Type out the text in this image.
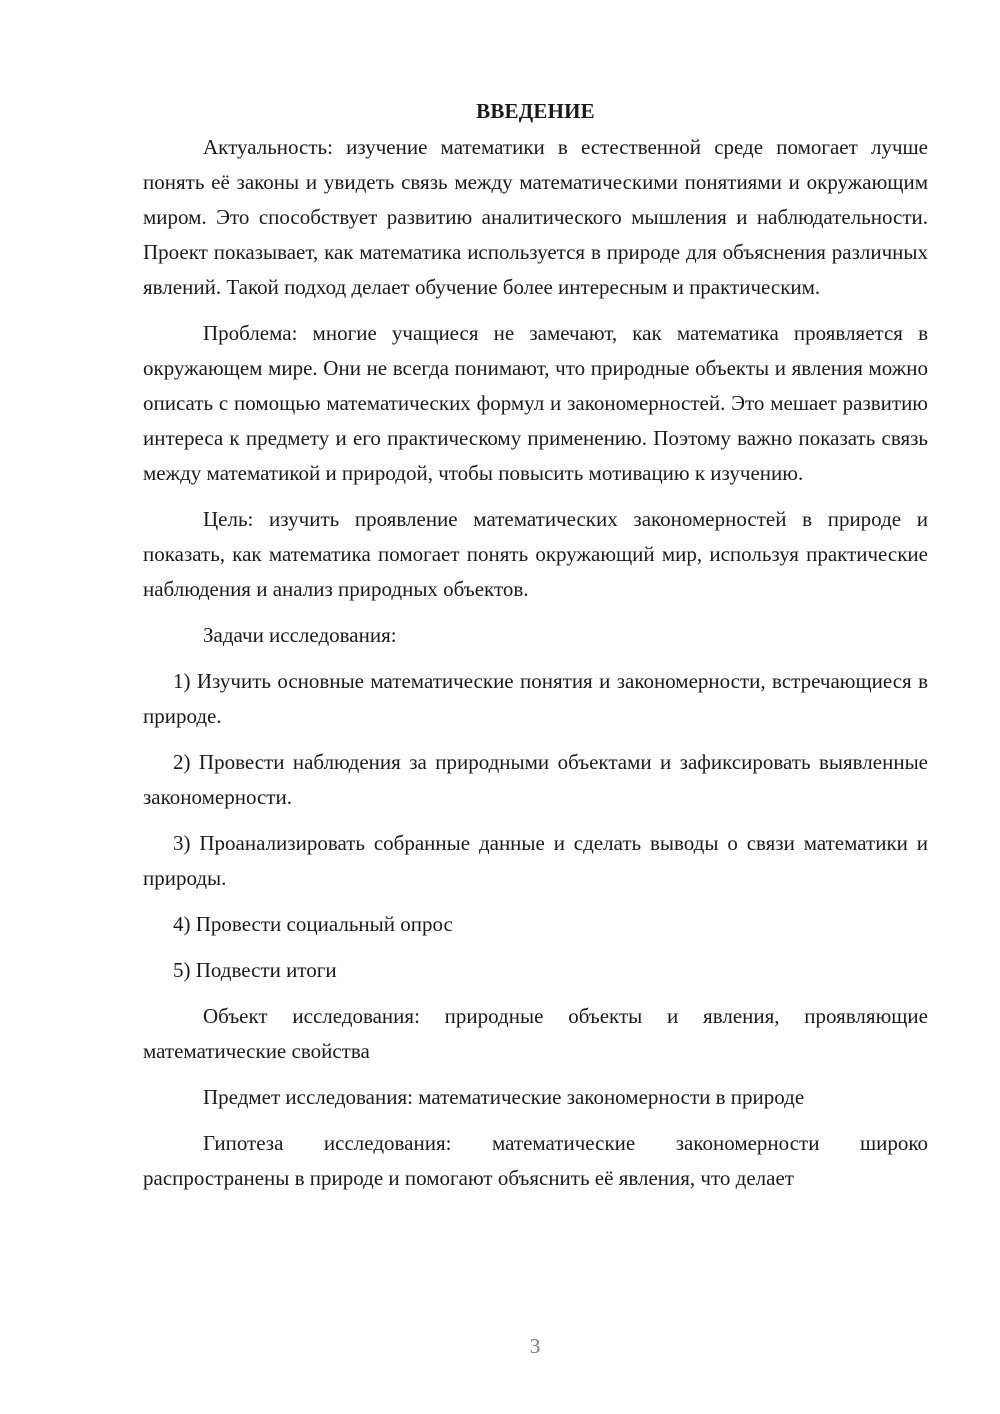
ВВЕДЕНИЕ

Актуальность: изучение математики в естественной среде помогает лучше понять её законы и увидеть связь между математическими понятиями и окружающим миром. Это способствует развитию аналитического мышления и наблюдательности. Проект показывает, как математика используется в природе для объяснения различных явлений. Такой подход делает обучение более интересным и практическим.

Проблема: многие учащиеся не замечают, как математика проявляется в окружающем мире. Они не всегда понимают, что природные объекты и явления можно описать с помощью математических формул и закономерностей. Это мешает развитию интереса к предмету и его практическому применению. Поэтому важно показать связь между математикой и природой, чтобы повысить мотивацию к изучению.

Цель: изучить проявление математических закономерностей в природе и показать, как математика помогает понять окружающий мир, используя практические наблюдения и анализ природных объектов.

Задачи исследования:

1) Изучить основные математические понятия и закономерности, встречающиеся в природе.

2) Провести наблюдения за природными объектами и зафиксировать выявленные закономерности.

3) Проанализировать собранные данные и сделать выводы о связи математики и природы.

4) Провести социальный опрос

5) Подвести итоги

Объект исследования: природные объекты и явления, проявляющие математические свойства

Предмет исследования: математические закономерности в природе

Гипотеза исследования: математические закономерности широко распространены в природе и помогают объяснить её явления, что делает

3
